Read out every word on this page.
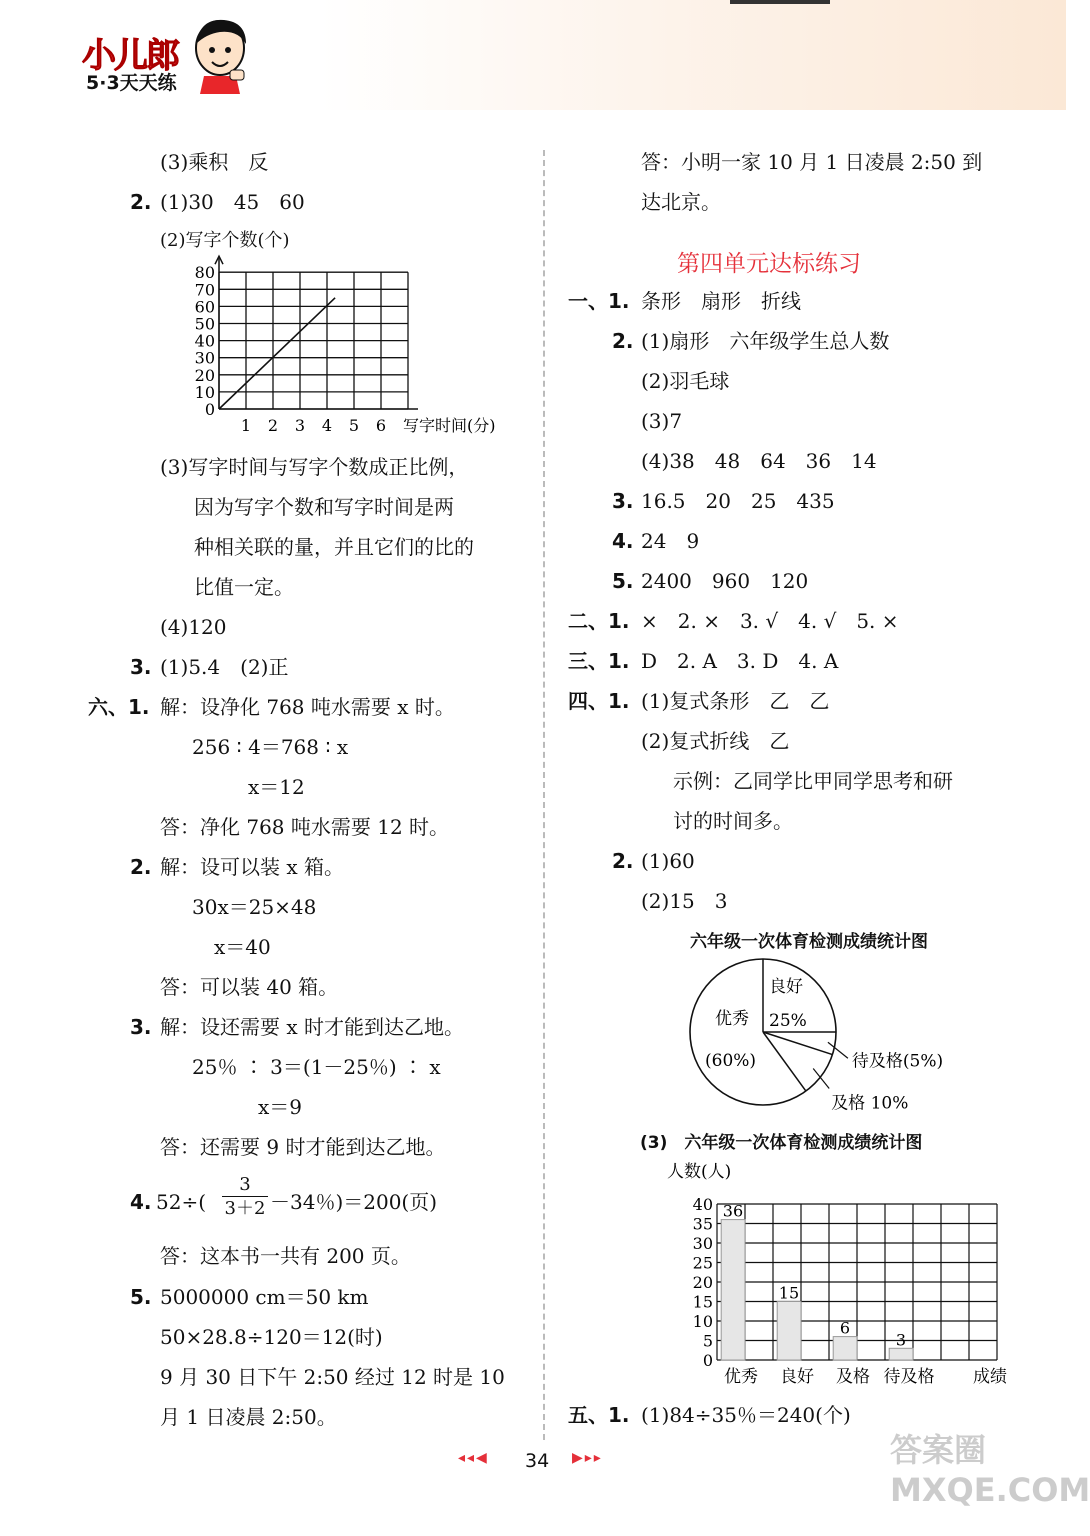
小儿郎
5·3天天练
(3)乘积　反
2. (1)30　45　60
(2)写字个数(个)
0
10
20
30
40
50
60
70
80
1 2 3 4 5 6 写字时间(分)
(3)写字时间与写字个数成正比例，
因为写字个数和写字时间是两
种相关联的量，并且它们的比的
比值一定。
(4)120
3. (1)5.4　(2)正
六、1. 解：设净化 768 吨水需要 x 时。
256 ∶ 4＝768 ∶ x
x＝12
答：净化 768 吨水需要 12 时。
2. 解：设可以装 x 箱。
30x＝25×48
x＝40
答：可以装 40 箱。
3. 解：设还需要 x 时才能到达乙地。
25％ ∶ 3＝(1－25％) ∶ x
x＝9
答：还需要 9 时才能到达乙地。
4. $52\div( \frac{3}{3+2} -34$％)＝200(页)
答：这本书一共有 200 页。
5. 5000000 cm＝50 km
50×28.8÷120＝12(时)
9 月 30 日下午 2:50 经过 12 时是 10
月 1 日凌晨 2:50。
答：小明一家 10 月 1 日凌晨 2:50 到
达北京。
第四单元达标练习
一、1. 条形　扇形　折线
2. (1)扇形　六年级学生总人数
(2)羽毛球
(3)7
(4)38　48　64　36　14
3. 16.5　20　25　435
4. 24　9
5. 2400　960　120
二、1. ×　2. ×　3. √　4. √　5. ×
三、1. D　2. A　3. D　4. A
四、1. (1)复式条形　乙　乙
(2)复式折线　乙
示例：乙同学比甲同学思考和研
讨的时间多。
2. (1)60
(2)15　3
六年级一次体育检测成绩统计图
良好
25%
优秀
(60%)	待及格(5%)
及格 10%
(3)　 六年级一次体育检测成绩统计图
人数(人)
0
5
10
15
20
25
30
35
40 36
优秀
15
良好
6
及格
3
待及格 成绩
五、1. (1)84÷35％＝240(个)
◂◂◀ 34 ▶▸▸	答案圈 MXQE.COM
